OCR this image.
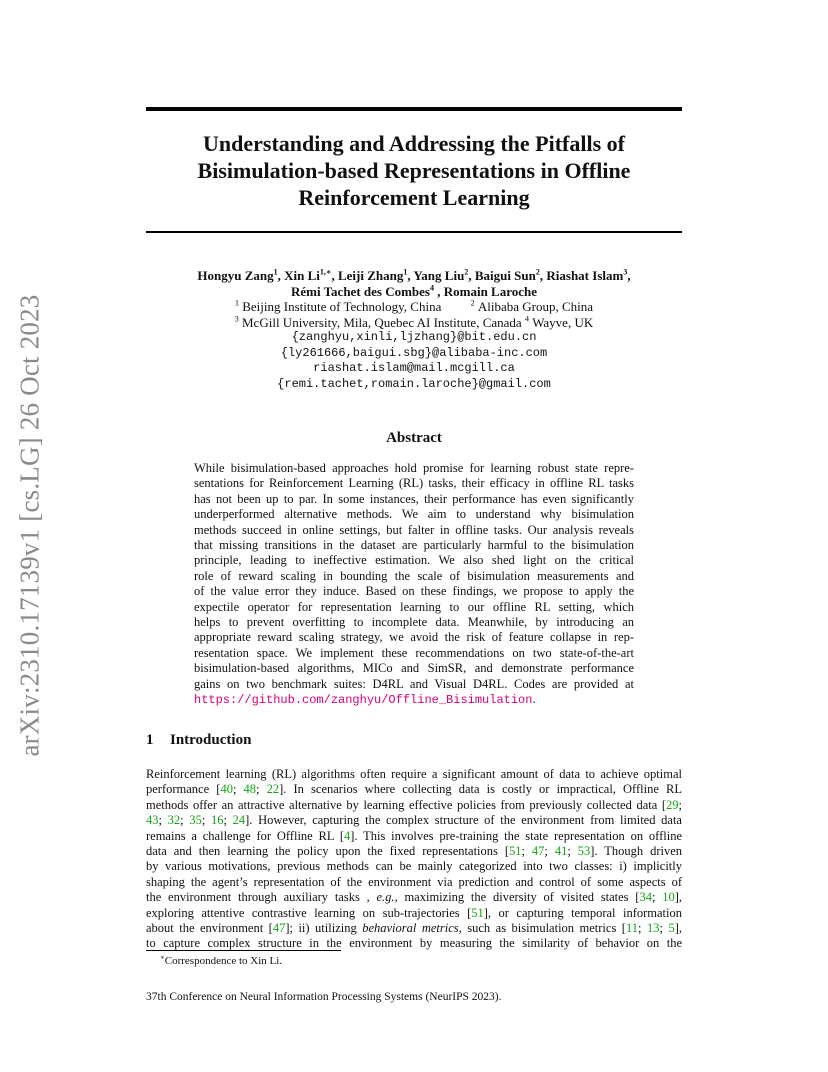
arXiv:2310.17139v1 [cs.LG] 26 Oct 2023
Understanding and Addressing the Pitfalls of
Bisimulation-based Representations in Offline
Reinforcement Learning
Hongyu Zang$^1$, Xin $Li^{1,∗}$, Leiji Zhang$^1$, Yang Liu$^2$, Baigui Sun$^2$, Riashat Islam$^3$,
Rémi Tachet des Combes$^4$ , Romain Laroche
$^1$ Beijing Institute of Technology, China	$^2$ Alibaba Group, China
$^3$ McGill University, Mila, Quebec AI Institute, Canada $^4$ Wayve, UK
{zanghyu,xinli,ljzhang}@bit.edu.cn
{ly261666,baigui.sbg}@alibaba-inc.com
riashat.islam@mail.mcgill.ca
{remi.tachet,romain.laroche}@gmail.com
Abstract
While bisimulation-based approaches hold promise for learning robust state repre-
sentations for Reinforcement Learning (RL) tasks, their efficacy in offline RL tasks
has not been up to par. In some instances, their performance has even significantly
underperformed alternative methods. We aim to understand why bisimulation
methods succeed in online settings, but falter in offline tasks. Our analysis reveals
that missing transitions in the dataset are particularly harmful to the bisimulation
principle, leading to ineffective estimation. We also shed light on the critical
role of reward scaling in bounding the scale of bisimulation measurements and
of the value error they induce. Based on these findings, we propose to apply the
expectile operator for representation learning to our offline RL setting, which
helps to prevent overfitting to incomplete data. Meanwhile, by introducing an
appropriate reward scaling strategy, we avoid the risk of feature collapse in rep-
resentation space. We implement these recommendations on two state-of-the-art
bisimulation-based algorithms, MICo and SimSR, and demonstrate performance
gains on two benchmark suites: D4RL and Visual D4RL. Codes are provided at
https://github.com/zanghyu/Offline_Bisimulation.
1 Introduction
Reinforcement learning (RL) algorithms often require a significant amount of data to achieve optimal
performance [40; 48; 22]. In scenarios where collecting data is costly or impractical, Offline RL
methods offer an attractive alternative by learning effective policies from previously collected data [29;
43; 32; 35; 16; 24]. However, capturing the complex structure of the environment from limited data
remains a challenge for Offline RL [4]. This involves pre-training the state representation on offline
data and then learning the policy upon the fixed representations [51; 47; 41; 53]. Though driven
by various motivations, previous methods can be mainly categorized into two classes: i) implicitly
shaping the agent’s representation of the environment via prediction and control of some aspects of
the environment through auxiliary tasks , e.g., maximizing the diversity of visited states [34; 10],
exploring attentive contrastive learning on sub-trajectories [51], or capturing temporal information
about the environment [47]; ii) utilizing behavioral metrics, such as bisimulation metrics [11; 13; 5],
to capture complex structure in the environment by measuring the similarity of behavior on the
∗Correspondence to Xin Li.
37th Conference on Neural Information Processing Systems (NeurIPS 2023).
